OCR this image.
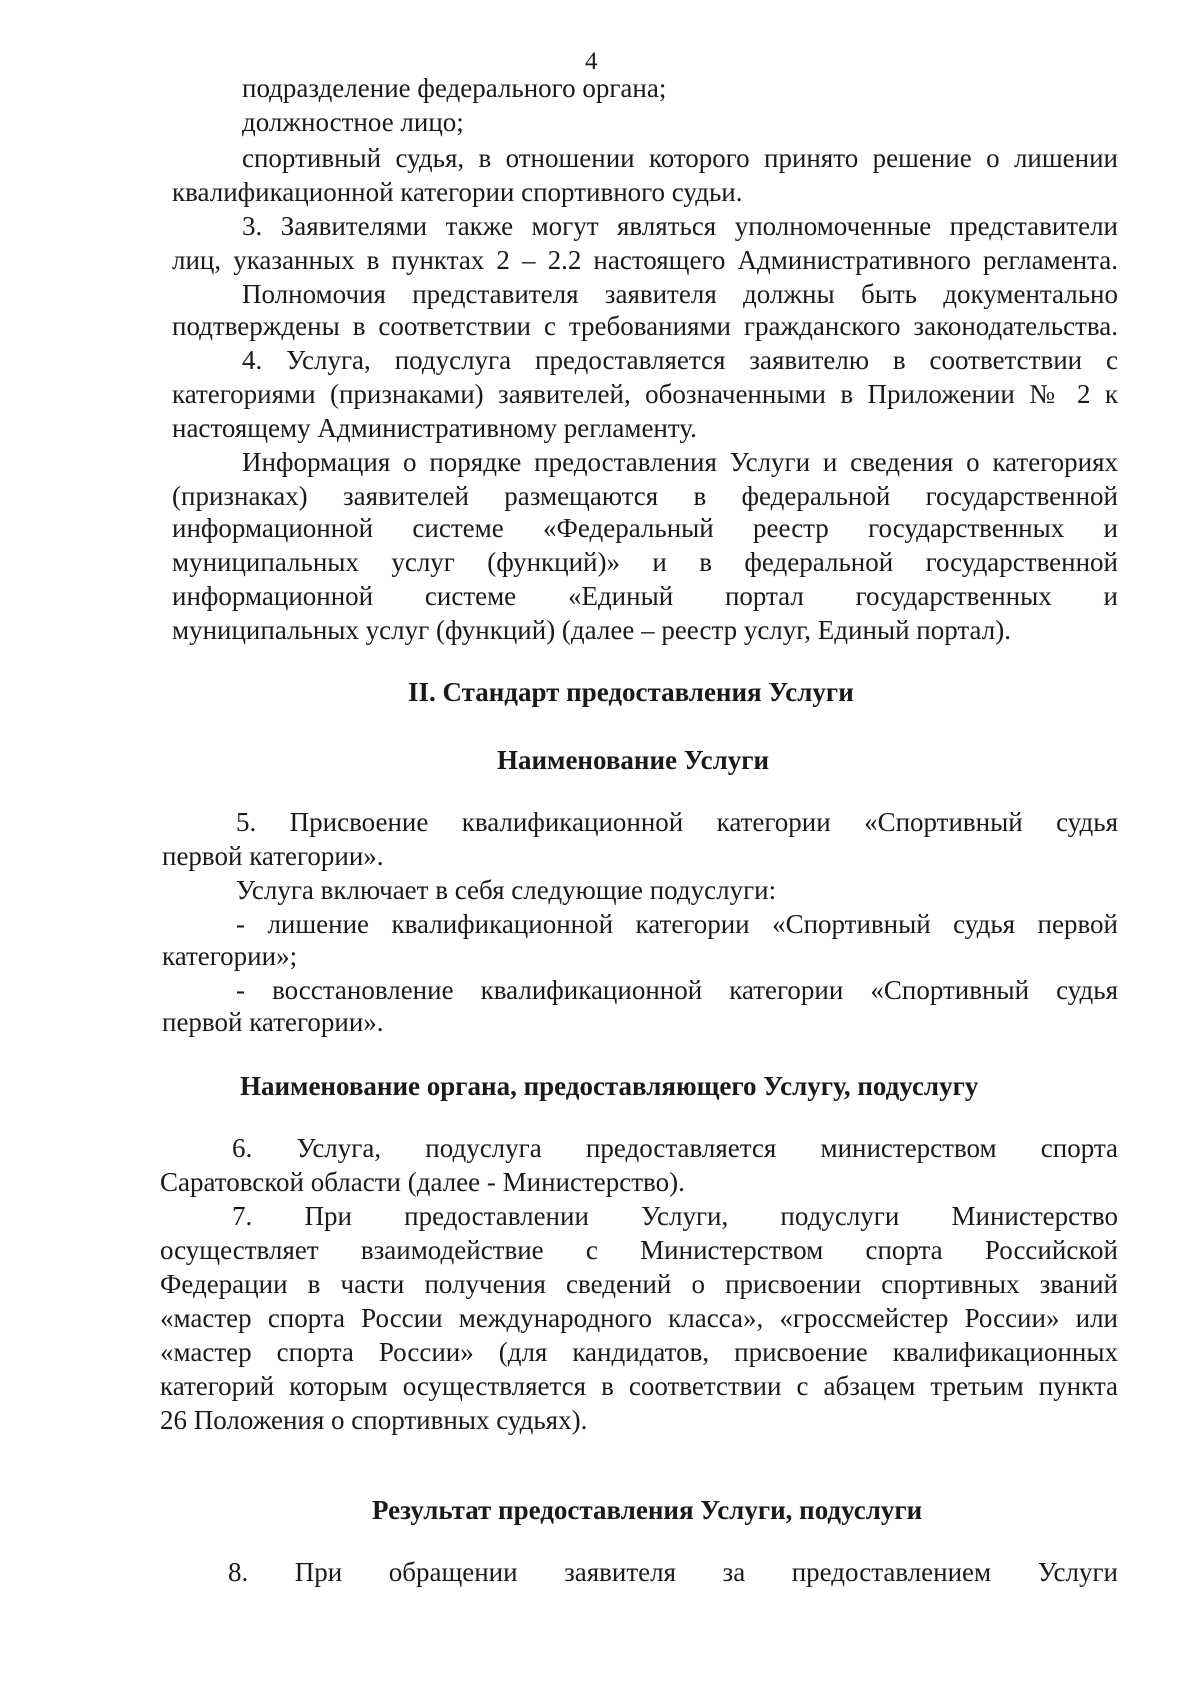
4
подразделение федерального органа;
должностное лицо;
спортивный судья, в отношении которого принято решение о лишении
квалификационной категории спортивного судьи.
3. Заявителями также могут являться уполномоченные представители
лиц, указанных в пунктах 2 – 2.2 настоящего Административного регламента.
Полномочия представителя заявителя должны быть документально
подтверждены в соответствии с требованиями гражданского законодательства.
4. Услуга, подуслуга предоставляется заявителю в соответствии с
категориями (признаками) заявителей, обозначенными в Приложении № 2 к
настоящему Административному регламенту.
Информация о порядке предоставления Услуги и сведения о категориях
(признаках) заявителей размещаются в федеральной государственной
информационной системе «Федеральный реестр государственных и
муниципальных услуг (функций)» и в федеральной государственной
информационной системе «Единый портал государственных и
муниципальных услуг (функций) (далее – реестр услуг, Единый портал).
II. Стандарт предоставления Услуги
Наименование Услуги
5. Присвоение квалификационной категории «Спортивный судья
первой категории».
Услуга включает в себя следующие подуслуги:
- лишение квалификационной категории «Спортивный судья первой
категории»;
- восстановление квалификационной категории «Спортивный судья
первой категории».
Наименование органа, предоставляющего Услугу, подуслугу
6. Услуга, подуслуга предоставляется министерством спорта
Саратовской области (далее - Министерство).
7. При предоставлении Услуги, подуслуги Министерство
осуществляет взаимодействие с Министерством спорта Российской
Федерации в части получения сведений о присвоении спортивных званий
«мастер спорта России международного класса», «гроссмейстер России» или
«мастер спорта России» (для кандидатов, присвоение квалификационных
категорий которым осуществляется в соответствии с абзацем третьим пункта
26 Положения о спортивных судьях).
Результат предоставления Услуги, подуслуги
8. При обращении заявителя за предоставлением Услуги
